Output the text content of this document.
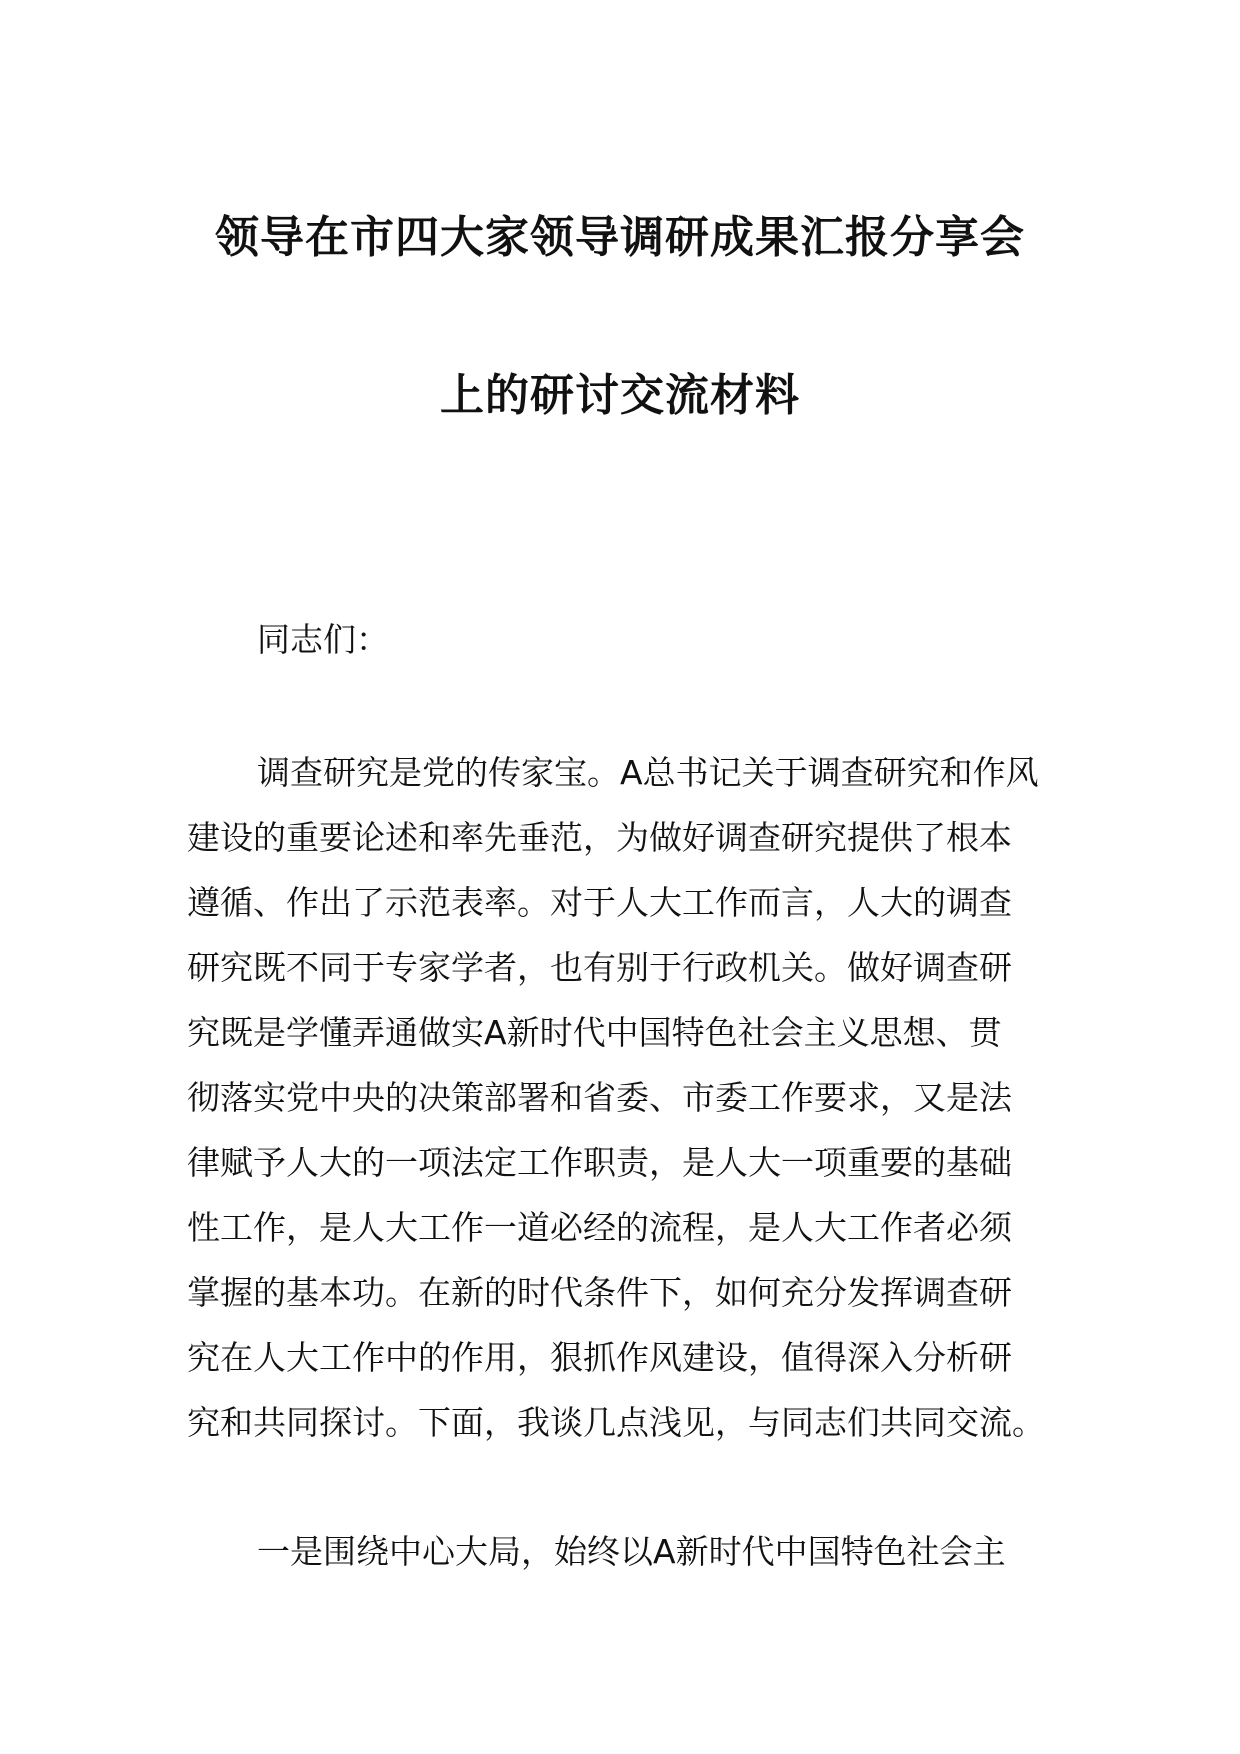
领导在市四大家领导调研成果汇报分享会
上的研讨交流材料
同志们：
调查研究是党的传家宝。A总书记关于调查研究和作风
建设的重要论述和率先垂范，为做好调查研究提供了根本
遵循、作出了示范表率。对于人大工作而言，人大的调查
研究既不同于专家学者，也有别于行政机关。做好调查研
究既是学懂弄通做实A新时代中国特色社会主义思想、贯
彻落实党中央的决策部署和省委、市委工作要求，又是法
律赋予人大的一项法定工作职责，是人大一项重要的基础
性工作，是人大工作一道必经的流程，是人大工作者必须
掌握的基本功。在新的时代条件下，如何充分发挥调查研
究在人大工作中的作用，狠抓作风建设，值得深入分析研
究和共同探讨。下面，我谈几点浅见，与同志们共同交流。
一是围绕中心大局，始终以A新时代中国特色社会主
